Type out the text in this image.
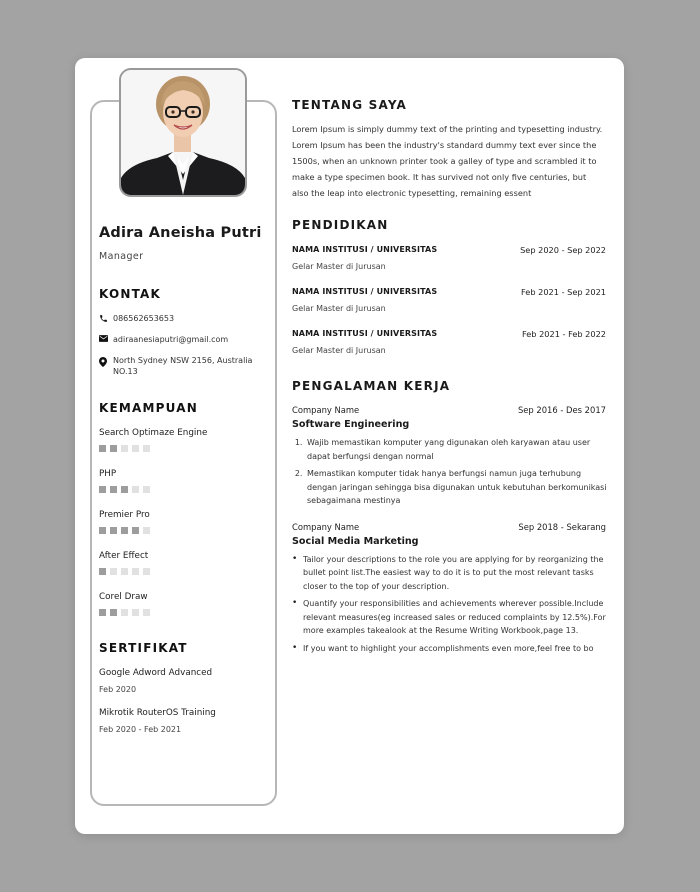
Adira Aneisha Putri
Manager
KONTAK
086562653653
adiraanesiaputri@gmail.com
North Sydney NSW 2156, Australia NO.13
KEMAMPUAN
Search Optimaze Engine
PHP
Premier Pro
After Effect
Corel Draw
SERTIFIKAT
Google Adword Advanced
Feb 2020
Mikrotik RouterOS Training
Feb 2020 - Feb 2021
TENTANG SAYA

Lorem Ipsum is simply dummy text of the printing and typesetting industry. Lorem Ipsum has been the industry's standard dummy text ever since the 1500s, when an unknown printer took a galley of type and scrambled it to make a type specimen book. It has survived not only five centuries, but also the leap into electronic typesetting, remaining essent

PENDIDIKAN
NAMA INSTITUSI / UNIVERSITAS	Sep 2020 - Sep 2022
Gelar Master di Jurusan
NAMA INSTITUSI / UNIVERSITAS	Feb 2021 - Sep 2021
Gelar Master di Jurusan
NAMA INSTITUSI / UNIVERSITAS	Feb 2021 - Feb 2022
Gelar Master di Jurusan
PENGALAMAN KERJA
Company Name	Sep 2016 - Des 2017
Software Engineering
1. Wajib memastikan komputer yang digunakan oleh karyawan atau user dapat berfungsi dengan normal
2. Memastikan komputer tidak hanya berfungsi namun juga terhubung dengan jaringan sehingga bisa digunakan untuk kebutuhan berkomunikasi sebagaimana mestinya
Company Name	Sep 2018 - Sekarang
Social Media Marketing
• Tailor your descriptions to the role you are applying for by reorganizing the bullet point list.The easiest way to do it is to put the most relevant tasks closer to the top of your description.
• Quantify your responsibilities and achievements wherever possible.Include relevant measures(eg increased sales or reduced complaints by 12.5%).For more examples takealook at the Resume Writing Workbook,page 13.
• If you want to highlight your accomplishments even more,feel free to bo
